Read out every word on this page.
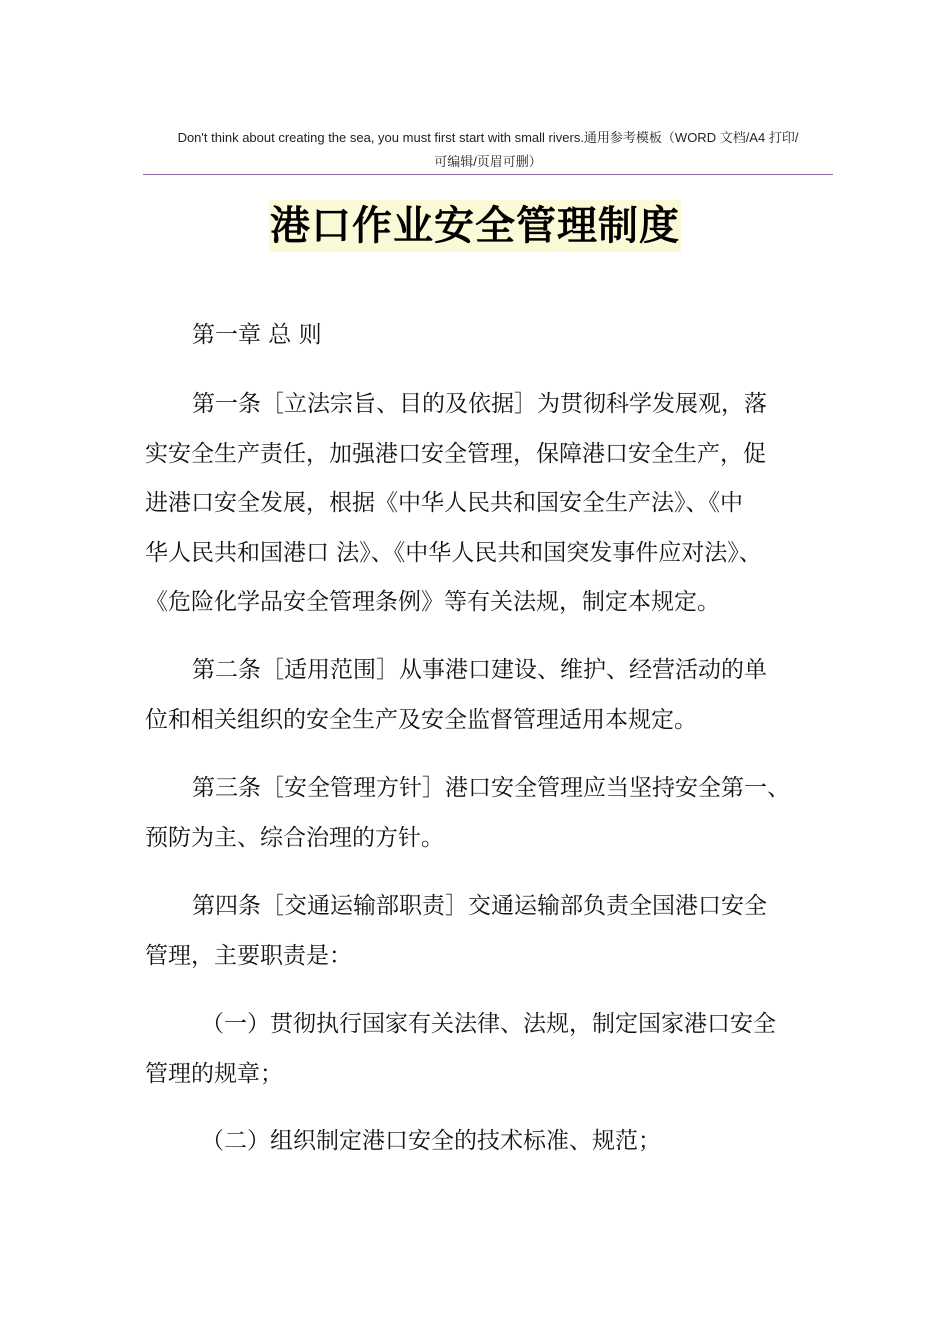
Don't think about creating the sea, you must first start with small rivers.通用参考模板（WORD 文档/A4 打印/
可编辑/页眉可删）
港口作业安全管理制度
第一章 总 则
第一条［立法宗旨、目的及依据］为贯彻科学发展观，落
实安全生产责任，加强港口安全管理，保障港口安全生产，促
进港口安全发展，根据《中华人民共和国安全生产法》、《中
华人民共和国港口 法》、《中华人民共和国突发事件应对法》、
《危险化学品安全管理条例》等有关法规，制定本规定。
第二条［适用范围］从事港口建设、维护、经营活动的单
位和相关组织的安全生产及安全监督管理适用本规定。
第三条［安全管理方针］港口安全管理应当坚持安全第一、
预防为主、综合治理的方针。
第四条［交通运输部职责］交通运输部负责全国港口安全
管理，主要职责是：
（一）贯彻执行国家有关法律、法规，制定国家港口安全
管理的规章；
（二）组织制定港口安全的技术标准、规范；
